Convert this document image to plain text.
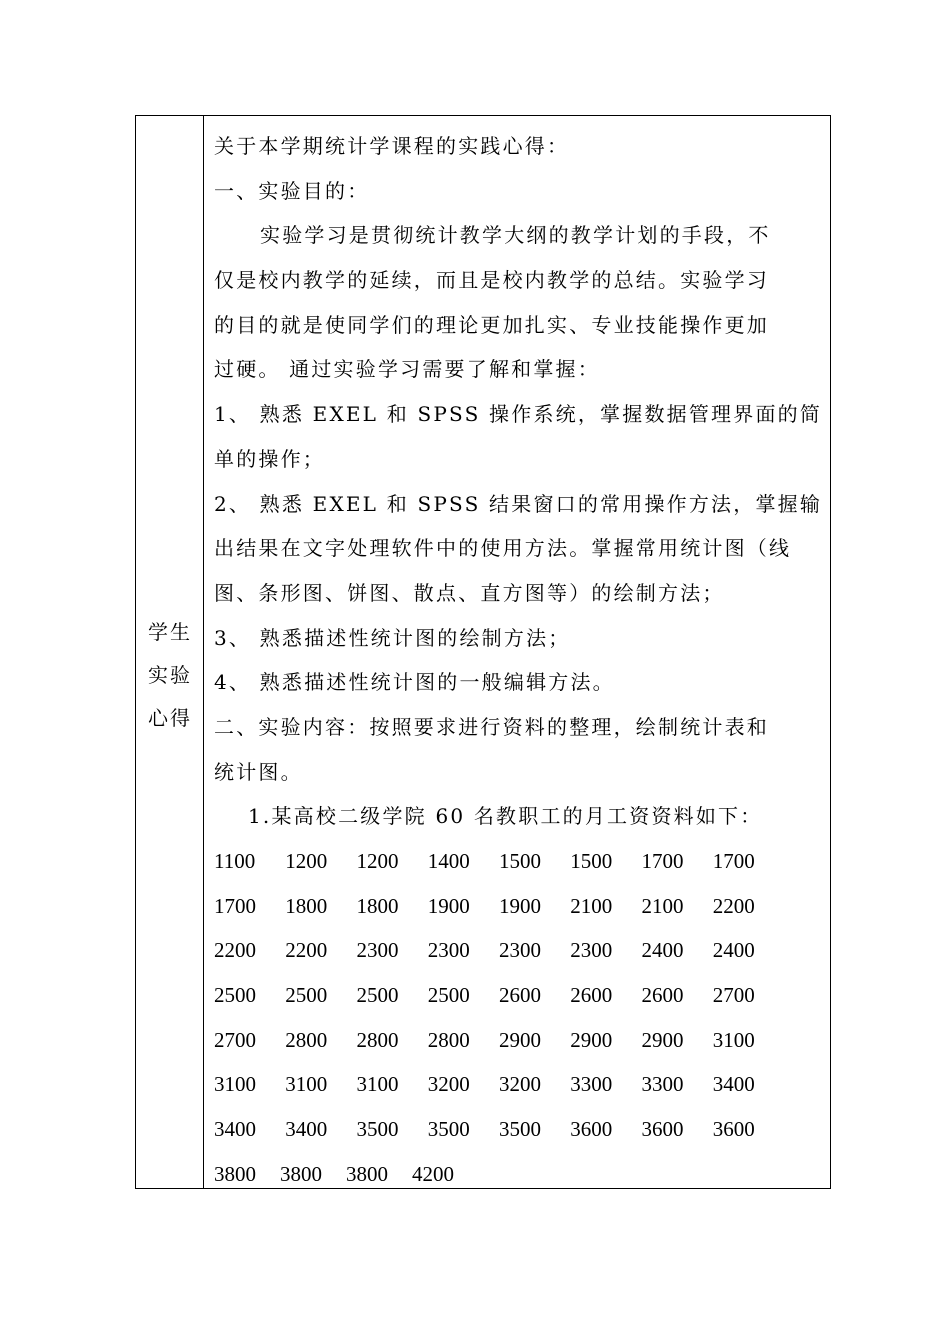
学生
实验
心得
关于本学期统计学课程的实践心得：
一、实验目的：
实验学习是贯彻统计教学大纲的教学计划的手段，不
仅是校内教学的延续，而且是校内教学的总结。实验学习
的目的就是使同学们的理论更加扎实、专业技能操作更加
过硬。 通过实验学习需要了解和掌握：
1、 熟悉 EXEL 和 SPSS 操作系统，掌握数据管理界面的简
单的操作；
2、 熟悉 EXEL 和 SPSS 结果窗口的常用操作方法，掌握输
出结果在文字处理软件中的使用方法。掌握常用统计图（线
图、条形图、饼图、散点、直方图等）的绘制方法；
3、 熟悉描述性统计图的绘制方法；
4、 熟悉描述性统计图的一般编辑方法。
二、实验内容：按照要求进行资料的整理，绘制统计表和
统计图。
1.某高校二级学院 60 名教职工的月工资资料如下：
1100	1200	1200	1400	1500	1500	1700	1700
1700	1800	1800	1900	1900	2100	2100	2200
2200	2200	2300	2300	2300	2300	2400	2400
2500	2500	2500	2500	2600	2600	2600	2700
2700	2800	2800	2800	2900	2900	2900	3100
3100	3100	3100	3200	3200	3300	3300	3400
3400	3400	3500	3500	3500	3600	3600	3600
3800	3800	3800	4200
